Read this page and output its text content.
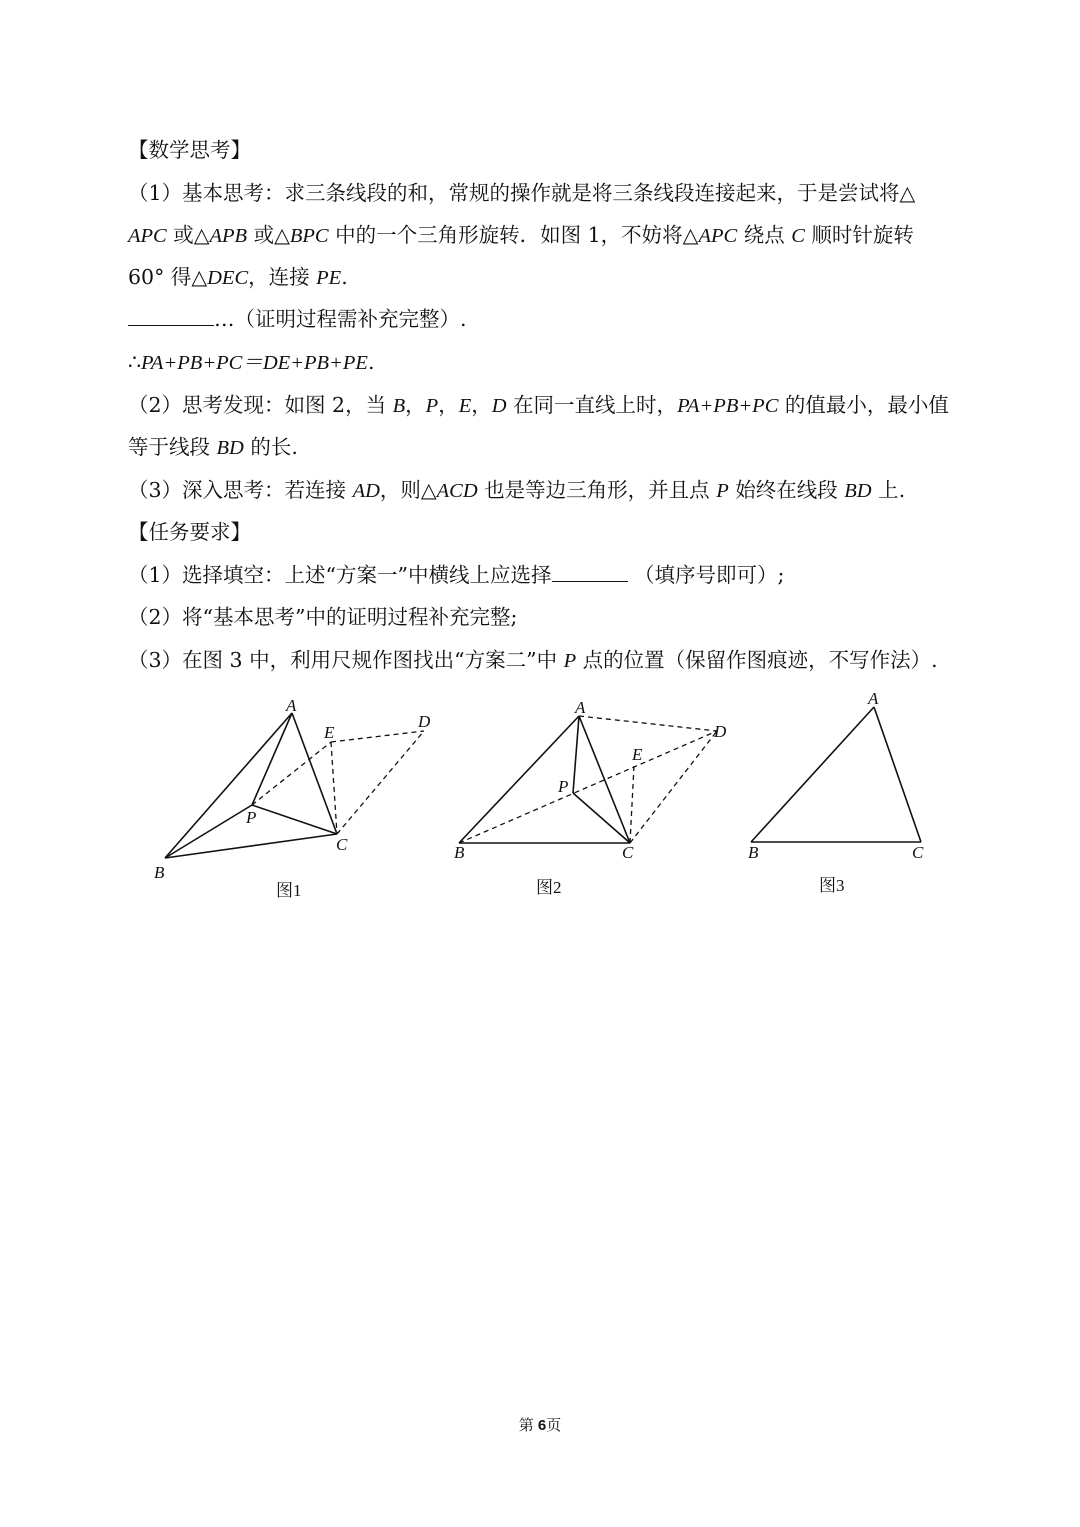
【数学思考】
（1）基本思考：求三条线段的和，常规的操作就是将三条线段连接起来，于是尝试将△
APC 或△APB 或△BPC 中的一个三角形旋转．如图 1，不妨将△APC 绕点 C 顺时针旋转
60° 得△DEC，连接 PE.
…（证明过程需补充完整）.
∴PA+PB+PC＝DE+PB+PE.
（2）思考发现：如图 2，当 B，P，E，D 在同一直线上时，PA+PB+PC 的值最小，最小值
等于线段 BD 的长.
（3）深入思考：若连接 AD，则△ACD 也是等边三角形，并且点 P 始终在线段 BD 上.
【任务要求】
（1）选择填空：上述“方案一”中横线上应选择	（填序号即可）;
（2）将“基本思考”中的证明过程补充完整;
（3）在图 3 中，利用尺规作图找出“方案二”中 P 点的位置（保留作图痕迹，不写作法）.
A
E
D
P
C
B
图1
A
D
E
P
B	C
图2
A
B	C
图3
第 6页
